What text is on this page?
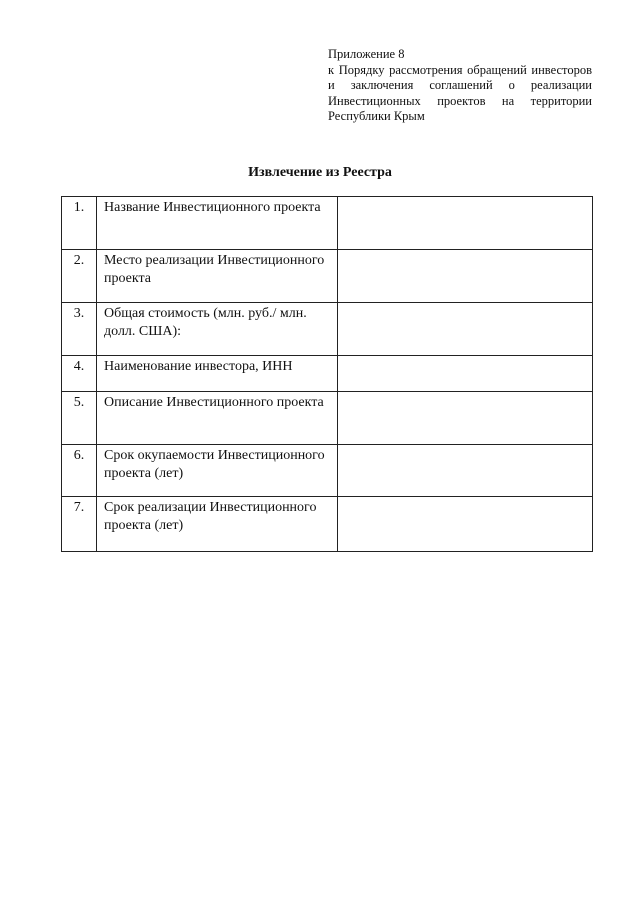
Приложение 8
к Порядку рассмотрения обращений инвесторов и заключения соглашений о реализации Инвестиционных проектов на территории Республики Крым
Извлечение из Реестра
1.	Название Инвестиционного проекта	
2.	Место реализации Инвестиционного проекта	
3.	Общая стоимость (млн. руб./ млн. долл. США):	
4.	Наименование инвестора, ИНН	
5.	Описание Инвестиционного проекта	
6.	Срок окупаемости Инвестиционного проекта (лет)	
7.	Срок реализации Инвестиционного проекта (лет)	
